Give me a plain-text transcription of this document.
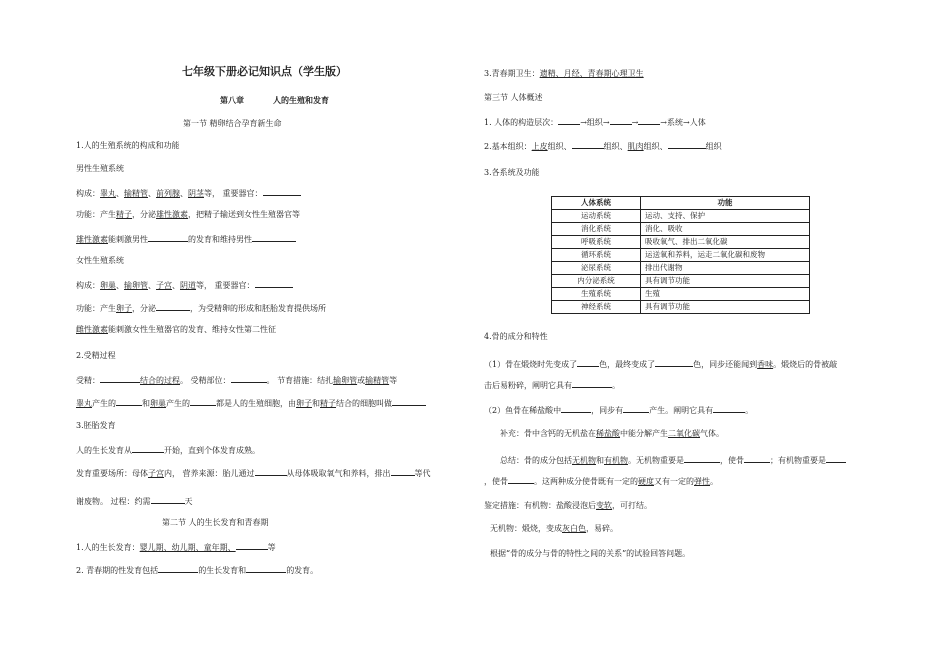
七年级下册必记知识点（学生版）
第八章	人的生殖和发育
第一节 精卵结合孕育新生命
1.人的生殖系统的构成和功能
男性生殖系统
构成：睾丸、输精管、前列腺、阴茎等， 重要器官：
功能：产生精子，分泌雄性激素，把精子输送到女性生殖器官等
雄性激素能刺激男性	的发育和维持男性
女性生殖系统
构成：卵巢、输卵管、子宫、阴道等， 重要器官：
功能：产生卵子，分泌	，为受精卵的形成和胚胎发育提供场所
雌性激素能刺激女性生殖器官的发育、维持女性第二性征
2.受精过程
受精：	结合的过程。 受精部位：	。 节育措施：结扎输卵管或输精管等
睾丸产生的	和卵巢产生的	都是人的生殖细胞，由卵子和精子结合的细胞叫做
3.胚胎发育
人的生长发育从	开始，直到个体发育成熟。
发育重要场所：母体子宫内， 营养来源：胎儿通过	从母体吸取氧气和养料，排出	等代
谢废物。 过程：约需	天
第二节 人的生长发育和青春期
1.人的生长发育：婴儿期、幼儿期、童年期、	等
2. 青春期的性发育包括	的生长发育和	的发育。
3.青春期卫生：遗精、月经、青春期心理卫生
第三节 人体概述
1. 人体的构造层次：	→组织→	→	→系统→人体
2.基本组织：上皮组织、	组织、肌肉组织、	组织
3.各系统及功能
人体系统	功能
运动系统	运动、支持、保护
消化系统	消化、吸收
呼吸系统	吸收氧气、排出二氧化碳
循环系统	运送氧和养料，运走二氧化碳和废物
泌尿系统	排出代谢物
内分泌系统	具有调节功能
生殖系统	生殖
神经系统	具有调节功能
4.骨的成分和特性
（1）骨在煅烧时先变成了	色，最终变成了	色，同步还能闻到香味。煅烧后的骨被敲
击后易粉碎，阐明它具有	。
（2）鱼骨在稀盐酸中	，同步有	产生。阐明它具有	。
补充：骨中含钙的无机盐在稀盐酸中能分解产生二氧化碳气体。
总结：骨的成分包括无机物和有机物。无机物重要是	，使骨	；有机物重要是
，使骨	。这两种成分使骨既有一定的硬度又有一定的弹性。
鉴定措施：有机物：盐酸浸泡后变软，可打结。
无机物：煅烧，变成灰白色，易碎。
根据“骨的成分与骨的特性之间的关系”的试验回答问题。
